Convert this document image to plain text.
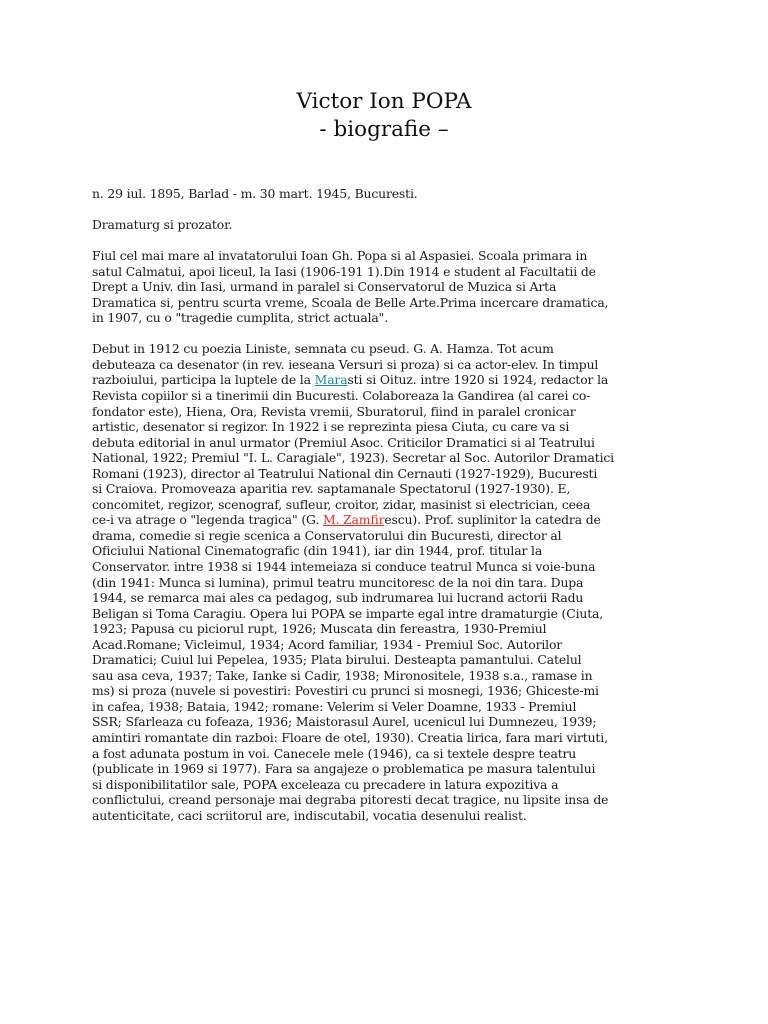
Victor Ion POPA
- biografie –

n. 29 iul. 1895, Barlad - m. 30 mart. 1945, Bucuresti.

Dramaturg si prozator.

Fiul cel mai mare al invatatorului Ioan Gh. Popa si al Aspasiei. Scoala primara in
satul Calmatui, apoi liceul, la Iasi (1906-191 1).Din 1914 e student al Facultatii de
Drept a Univ. din Iasi, urmand in paralel si Conservatorul de Muzica si Arta
Dramatica si, pentru scurta vreme, Scoala de Belle Arte.Prima incercare dramatica,
in 1907, cu o "tragedie cumplita, strict actuala".

Debut in 1912 cu poezia Liniste, semnata cu pseud. G. A. Hamza. Tot acum
debuteaza ca desenator (in rev. ieseana Versuri si proza) si ca actor-elev. In timpul
razboiului, participa la luptele de la Marasti si Oituz. intre 1920 si 1924, redactor la
Revista copiilor si a tinerimii din Bucuresti. Colaboreaza la Gandirea (al carei co-
fondator este), Hiena, Ora, Revista vremii, Sburatorul, fiind in paralel cronicar
artistic, desenator si regizor. In 1922 i se reprezinta piesa Ciuta, cu care va si
debuta editorial in anul urmator (Premiul Asoc. Criticilor Dramatici si al Teatrului
National, 1922; Premiul "I. L. Caragiale", 1923). Secretar al Soc. Autorilor Dramatici
Romani (1923), director al Teatrului National din Cernauti (1927-1929), Bucuresti
si Craiova. Promoveaza aparitia rev. saptamanale Spectatorul (1927-1930). E,
concomitet, regizor, scenograf, sufleur, croitor, zidar, masinist si electrician, ceea
ce-i va atrage o "legenda tragica" (G. M. Zamfirescu). Prof. suplinitor la catedra de
drama, comedie si regie scenica a Conservatorului din Bucuresti, director al
Oficiului National Cinematografic (din 1941), iar din 1944, prof. titular la
Conservator. intre 1938 si 1944 intemeiaza si conduce teatrul Munca si voie-buna
(din 1941: Munca si lumina), primul teatru muncitoresc de la noi din tara. Dupa
1944, se remarca mai ales ca pedagog, sub indrumarea lui lucrand actorii Radu
Beligan si Toma Caragiu. Opera lui POPA se imparte egal intre dramaturgie (Ciuta,
1923; Papusa cu piciorul rupt, 1926; Muscata din fereastra, 1930-Premiul
Acad.Romane; Vicleimul, 1934; Acord familiar, 1934 - Premiul Soc. Autorilor
Dramatici; Cuiul lui Pepelea, 1935; Plata birului. Desteapta pamantului. Catelul
sau asa ceva, 1937; Take, Ianke si Cadir, 1938; Mironositele, 1938 s.a., ramase in
ms) si proza (nuvele si povestiri: Povestiri cu prunci si mosnegi, 1936; Ghiceste-mi
in cafea, 1938; Bataia, 1942; romane: Velerim si Veler Doamne, 1933 - Premiul
SSR; Sfarleaza cu fofeaza, 1936; Maistorasul Aurel, ucenicul lui Dumnezeu, 1939;
amintiri romantate din razboi: Floare de otel, 1930). Creatia lirica, fara mari virtuti,
a fost adunata postum in voi. Canecele mele (1946), ca si textele despre teatru
(publicate in 1969 si 1977). Fara sa angajeze o problematica pe masura talentului
si disponibilitatilor sale, POPA exceleaza cu precadere in latura expozitiva a
conflictului, creand personaje mai degraba pitoresti decat tragice, nu lipsite insa de
autenticitate, caci scriitorul are, indiscutabil, vocatia desenului realist.
